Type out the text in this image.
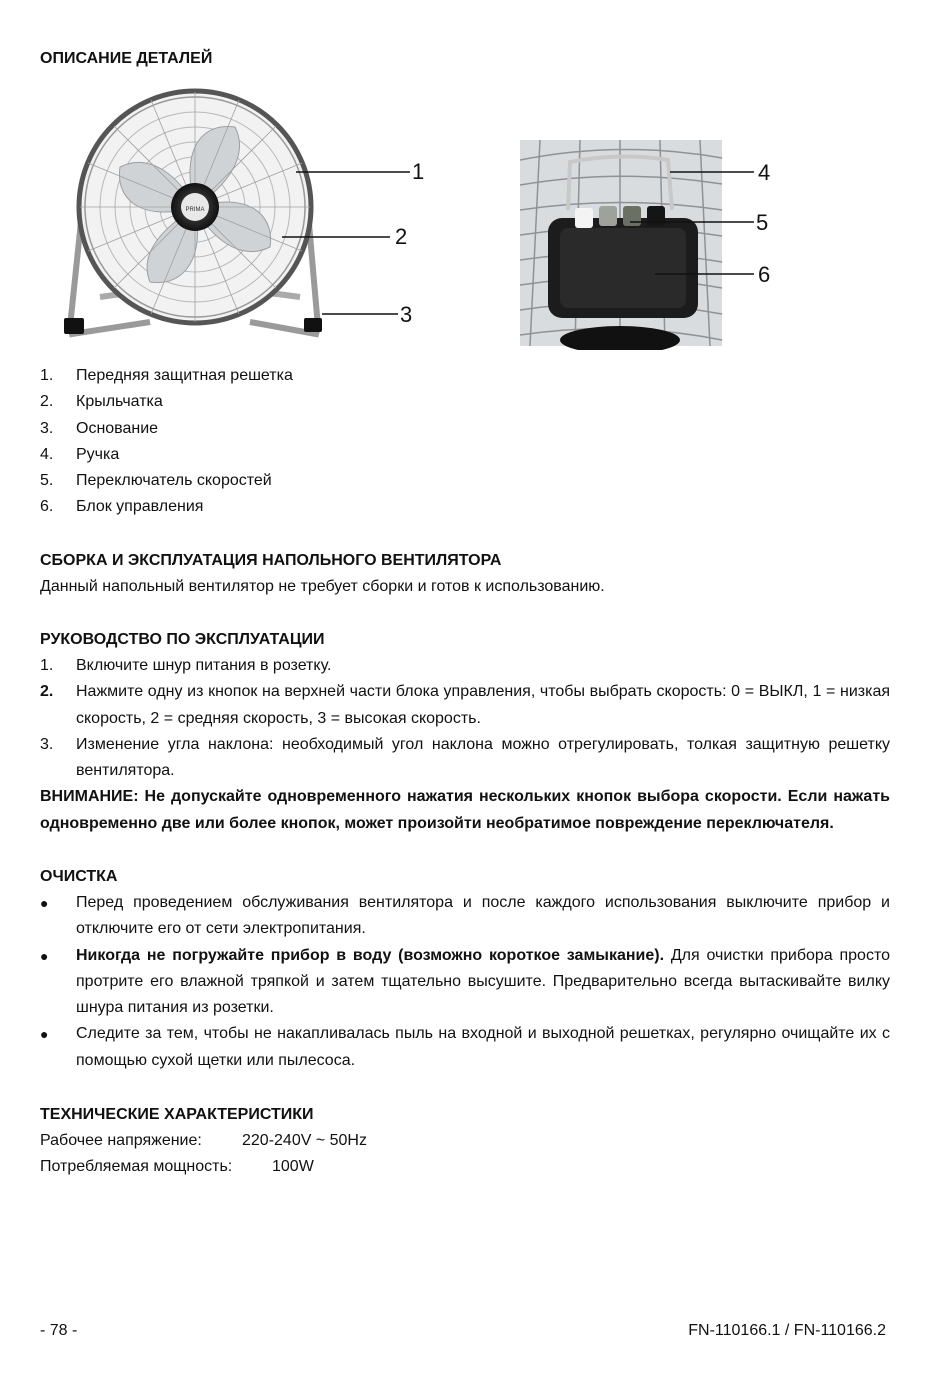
ОПИСАНИЕ ДЕТАЛЕЙ
PRIMA
1
2
3
4
5
6
1.	Передняя защитная решетка
2.	Крыльчатка
3.	Основание
4.	Ручка
5.	Переключатель скоростей
6.	Блок управления
СБОРКА И ЭКСПЛУАТАЦИЯ НАПОЛЬНОГО ВЕНТИЛЯТОРА

Данный напольный вентилятор не требует сборки и готов к использованию.

РУКОВОДСТВО ПО ЭКСПЛУАТАЦИИ
1.	Включите шнур питания в розетку.
2.	Нажмите одну из кнопок на верхней части блока управления, чтобы выбрать скорость: 0 = ВЫКЛ, 1 = низкая скорость, 2 = средняя скорость, 3 = высокая скорость.
3.	Изменение угла наклона: необходимый угол наклона можно отрегулировать, толкая защитную решетку вентилятора.

ВНИМАНИЕ: Не допускайте одновременного нажатия нескольких кнопок выбора скорости. Если нажать одновременно две или более кнопок, может произойти необратимое повреждение переключателя.

ОЧИСТКА
●	Перед проведением обслуживания вентилятора и после каждого использования выключите прибор и отключите его от сети электропитания.
●	Никогда не погружайте прибор в воду (возможно короткое замыкание). Для очистки прибора просто протрите его влажной тряпкой и затем тщательно высушите. Предварительно всегда вытаскивайте вилку шнура питания из розетки.
●	Следите за тем, чтобы не накапливалась пыль на входной и выходной решетках, регулярно очищайте их с помощью сухой щетки или пылесоса.
ТЕХНИЧЕСКИЕ ХАРАКТЕРИСТИКИ
Рабочее напряжение:	220-240V ~ 50Hz
Потребляемая мощность:	100W
- 78 -	FN-110166.1 / FN-110166.2
